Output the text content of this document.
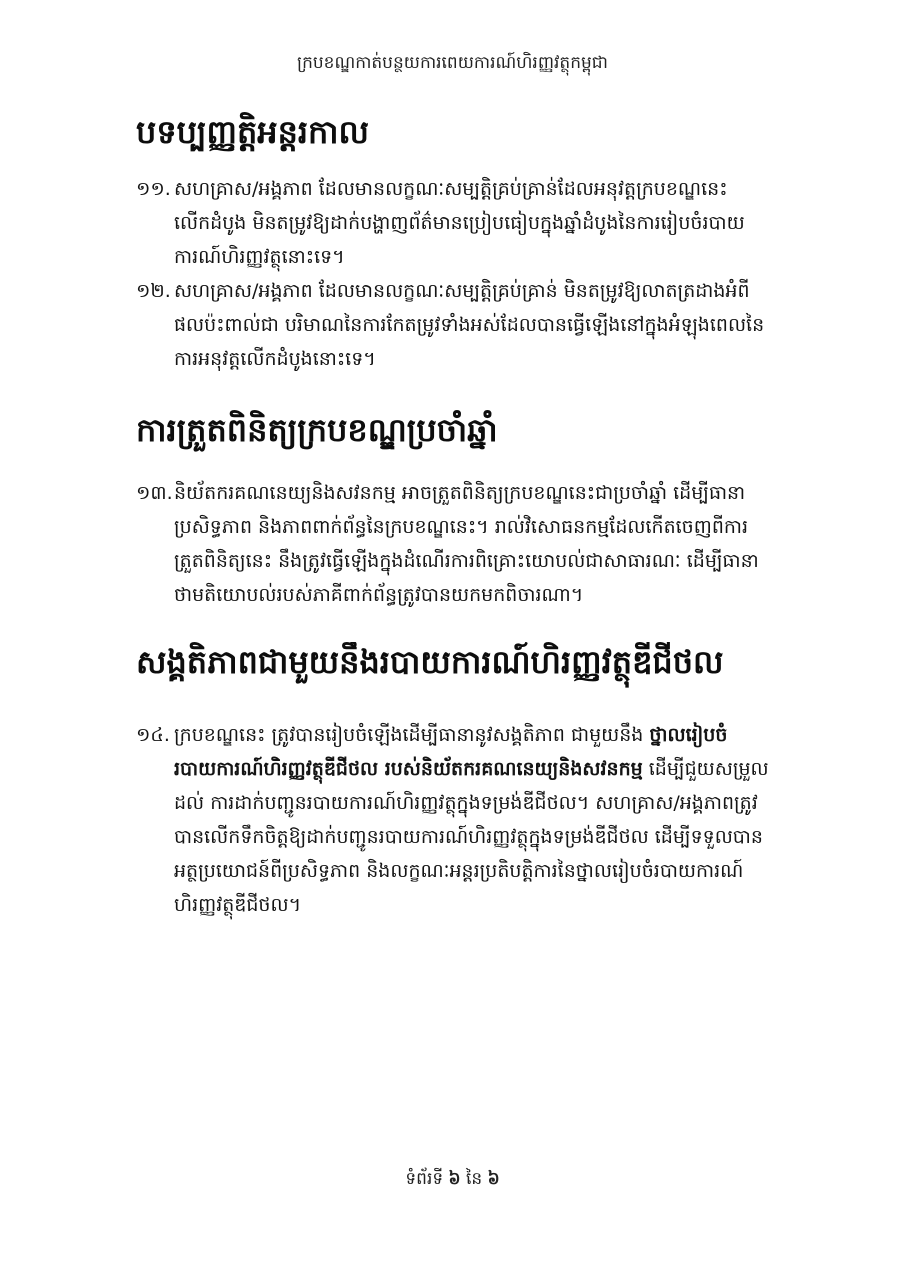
ក្របខណ្ឌកាត់បន្ថយការពេយការណ៍ហិរញ្ញវត្ថុកម្ពុជា
បទប្បញ្ញត្តិអន្តរកាល
១១. សហគ្រាស/អង្គភាព ដែលមានលក្ខណៈសម្បត្តិគ្រប់គ្រាន់ដែលអនុវត្តក្របខណ្ឌនេះ
លើកដំបូង មិនតម្រូវឱ្យដាក់បង្ហាញព័ត៌មានប្រៀបធៀបក្នុងឆ្នាំដំបូងនៃការរៀបចំរបាយ
ការណ៍ហិរញ្ញវត្ថុនោះទេ។
១២. សហគ្រាស/អង្គភាព ដែលមានលក្ខណៈសម្បត្តិគ្រប់គ្រាន់ មិនតម្រូវឱ្យលាតត្រដាងអំពី
ផលប៉ះពាល់ជា បរិមាណនៃការកែតម្រូវទាំងអស់ដែលបានធ្វើឡើងនៅក្នុងអំឡុងពេលនៃ
ការអនុវត្តលើកដំបូងនោះទេ។
ការត្រួតពិនិត្យក្របខណ្ឌប្រចាំឆ្នាំ
១៣.និយ័តករគណនេយ្យនិងសវនកម្ម អាចត្រួតពិនិត្យក្របខណ្ឌនេះជាប្រចាំឆ្នាំ ដើម្បីធានា
ប្រសិទ្ធភាព និងភាពពាក់ព័ន្ធនៃក្របខណ្ឌនេះ។ រាល់វិសោធនកម្មដែលកើតចេញពីការ
ត្រួតពិនិត្យនេះ នឹងត្រូវធ្វើឡើងក្នុងដំណើរការពិគ្រោះយោបល់ជាសាធារណៈ ដើម្បីធានា
ថាមតិយោបល់របស់ភាគីពាក់ព័ន្ធត្រូវបានយកមកពិចារណា។
សង្គតិភាពជាមួយនឹងរបាយការណ៍ហិរញ្ញវត្ថុឌីជីថល
១៤. ក្របខណ្ឌនេះ ត្រូវបានរៀបចំឡើងដើម្បីធានានូវសង្គតិភាព ជាមួយនឹង ថ្នាលរៀបចំ
របាយការណ៍ហិរញ្ញវត្ថុឌីជីថល របស់និយ័តករគណនេយ្យនិងសវនកម្ម ដើម្បីជួយសម្រួល
ដល់ ការដាក់បញ្ជូនរបាយការណ៍ហិរញ្ញវត្ថុក្នុងទម្រង់ឌីជីថល។ សហគ្រាស/អង្គភាពត្រូវ
បានលើកទឹកចិត្តឱ្យដាក់បញ្ជូនរបាយការណ៍ហិរញ្ញវត្ថុក្នុងទម្រង់ឌីជីថល ដើម្បីទទួលបាន
អត្ថប្រយោជន៍ពីប្រសិទ្ធភាព និងលក្ខណៈអន្តរប្រតិបត្តិការនៃថ្នាលរៀបចំរបាយការណ៍
ហិរញ្ញវត្ថុឌីជីថល។
ទំព័រទី ៦ នៃ ៦
